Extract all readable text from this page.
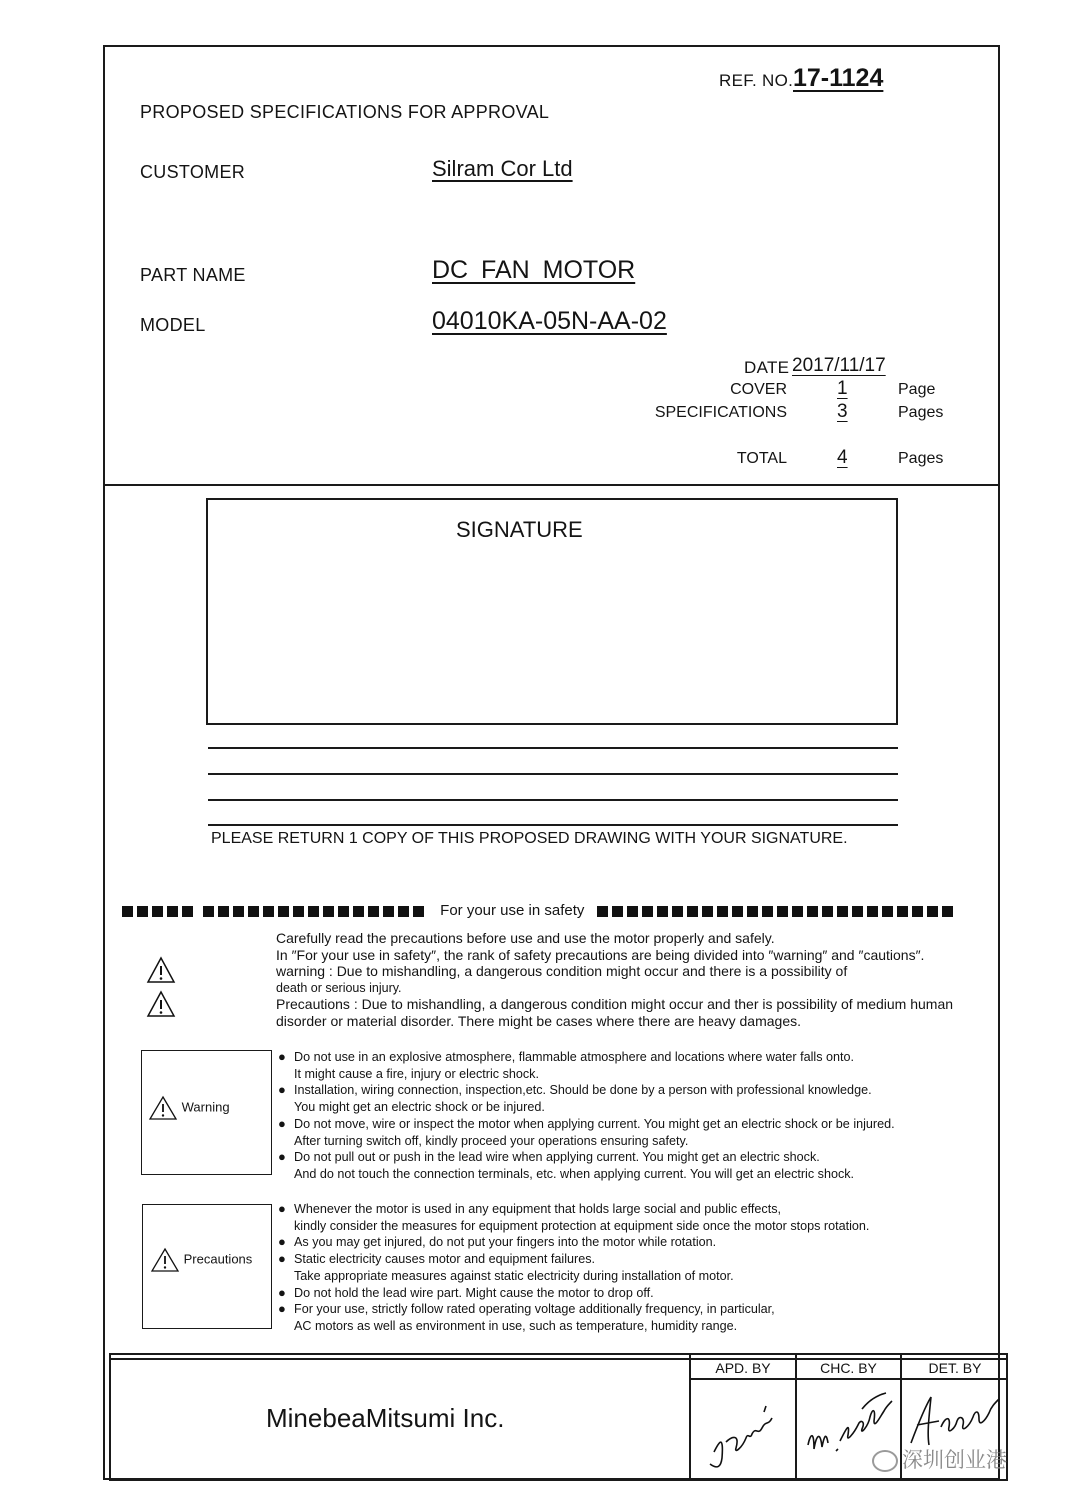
REF. NO. 17-1124
PROPOSED SPECIFICATIONS FOR APPROVAL
CUSTOMER	Silram Cor Ltd
PART NAME	DC FAN MOTOR
MODEL	04010KA-05N-AA-02
DATE 2017/11/17
COVER	1	Page
SPECIFICATIONS	3	Pages
TOTAL	4	Pages
SIGNATURE
PLEASE RETURN 1 COPY OF THIS PROPOSED DRAWING WITH YOUR SIGNATURE.
For your use in safety
Carefully read the precautions before use and use the motor properly and safely.
In ″For your use in safety″, the rank of safety precautions are being divided into ″warning″ and ″cautions″.
warning : Due to mishandling, a dangerous condition might occur and there is a possibility of
death or serious injury.
Precautions : Due to mishandling, a dangerous condition might occur and ther is possibility of medium human
disorder or material disorder. There might be cases where there are heavy damages.
Warning
● Do not use in an explosive atmosphere, flammable atmosphere and locations where water falls onto.
It might cause a fire, injury or electric shock.
● Installation, wiring connection, inspection,etc. Should be done by a person with professional knowledge.
You might get an electric shock or be injured.
● Do not move, wire or inspect the motor when applying current. You might get an electric shock or be injured.
After turning switch off, kindly proceed your operations ensuring safety.
● Do not pull out or push in the lead wire when applying current. You might get an electric shock.
And do not touch the connection terminals, etc. when applying current. You will get an electric shock.
Precautions
● Whenever the motor is used in any equipment that holds large social and public effects,
kindly consider the measures for equipment protection at equipment side once the motor stops rotation.
● As you may get injured, do not put your fingers into the motor while rotation.
● Static electricity causes motor and equipment failures.
Take appropriate measures against static electricity during installation of motor.
● Do not hold the lead wire part. Might cause the motor to drop off.
● For your use, strictly follow rated operating voltage additionally frequency, in particular,
AC motors as well as environment in use, such as temperature, humidity range.
APD. BY	CHC. BY	DET. BY
MinebeaMitsumi Inc.
深圳创业港
